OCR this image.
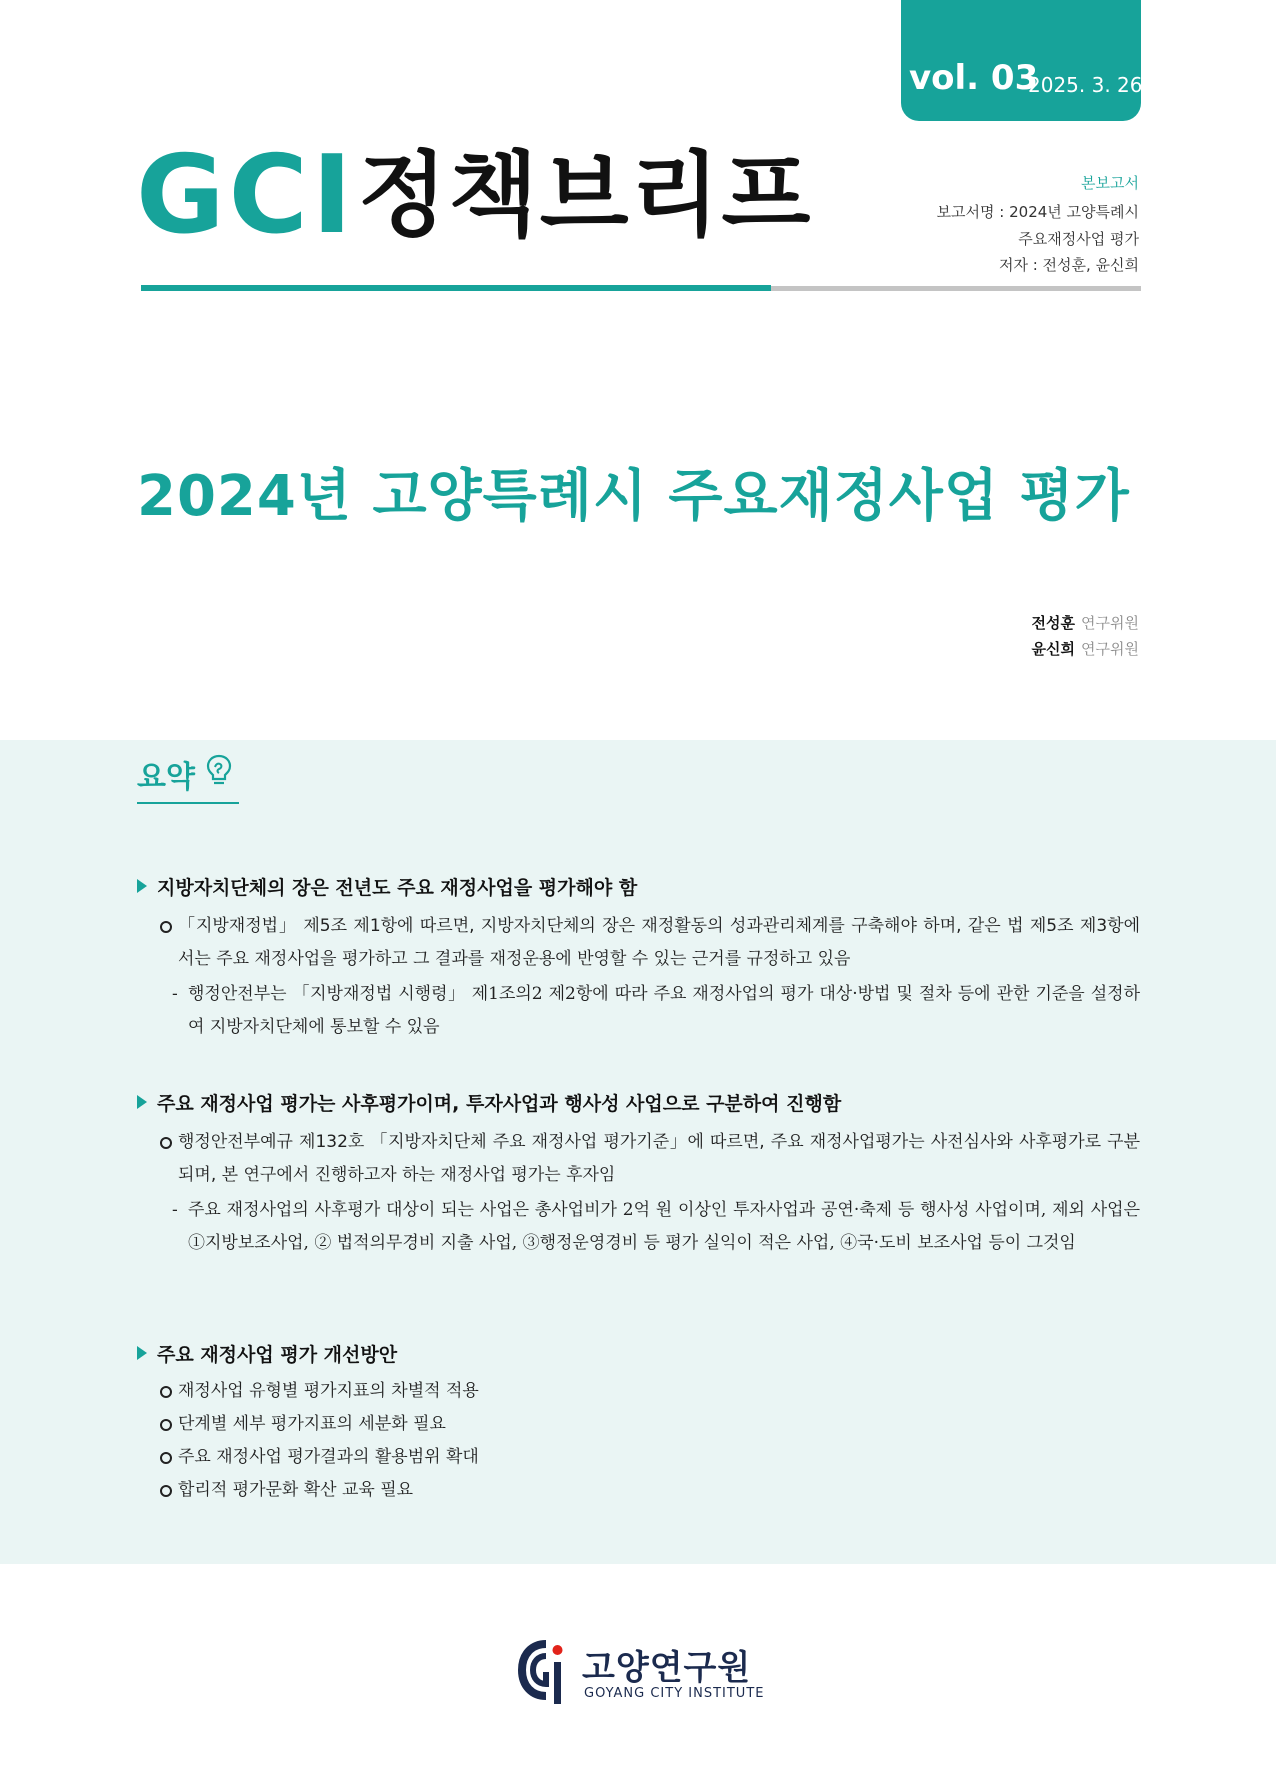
vol. 03
2025. 3. 26.
GCI 정책브리프	본보고서
보고서명 : 2024년 고양특례시
주요재정사업 평가
저자 : 전성훈, 윤신희
2024년 고양특례시 주요재정사업 평가
전성훈 연구위원
윤신희 연구위원
요약
지방자치단체의 장은 전년도 주요 재정사업을 평가해야 함
「지방재정법」 제5조 제1항에 따르면, 지방자치단체의 장은 재정활동의 성과관리체계를 구축해야 하며, 같은 법 제5조 제3항에서는 주요 재정사업을 평가하고 그 결과를 재정운용에 반영할 수 있는 근거를 규정하고 있음
- 행정안전부는 「지방재정법 시행령」 제1조의2 제2항에 따라 주요 재정사업의 평가 대상·방법 및 절차 등에 관한 기준을 설정하여 지방자치단체에 통보할 수 있음
주요 재정사업 평가는 사후평가이며, 투자사업과 행사성 사업으로 구분하여 진행함
행정안전부예규 제132호 「지방자치단체 주요 재정사업 평가기준」에 따르면, 주요 재정사업평가는 사전심사와 사후평가로 구분되며, 본 연구에서 진행하고자 하는 재정사업 평가는 후자임
- 주요 재정사업의 사후평가 대상이 되는 사업은 총사업비가 2억 원 이상인 투자사업과 공연·축제 등 행사성 사업이며, 제외 사업은 ①지방보조사업, ② 법적의무경비 지출 사업, ③행정운영경비 등 평가 실익이 적은 사업, ④국·도비 보조사업 등이 그것임
주요 재정사업 평가 개선방안
재정사업 유형별 평가지표의 차별적 적용
단계별 세부 평가지표의 세분화 필요
주요 재정사업 평가결과의 활용범위 확대
합리적 평가문화 확산 교육 필요
고양연구원
GOYANG CITY INSTITUTE
